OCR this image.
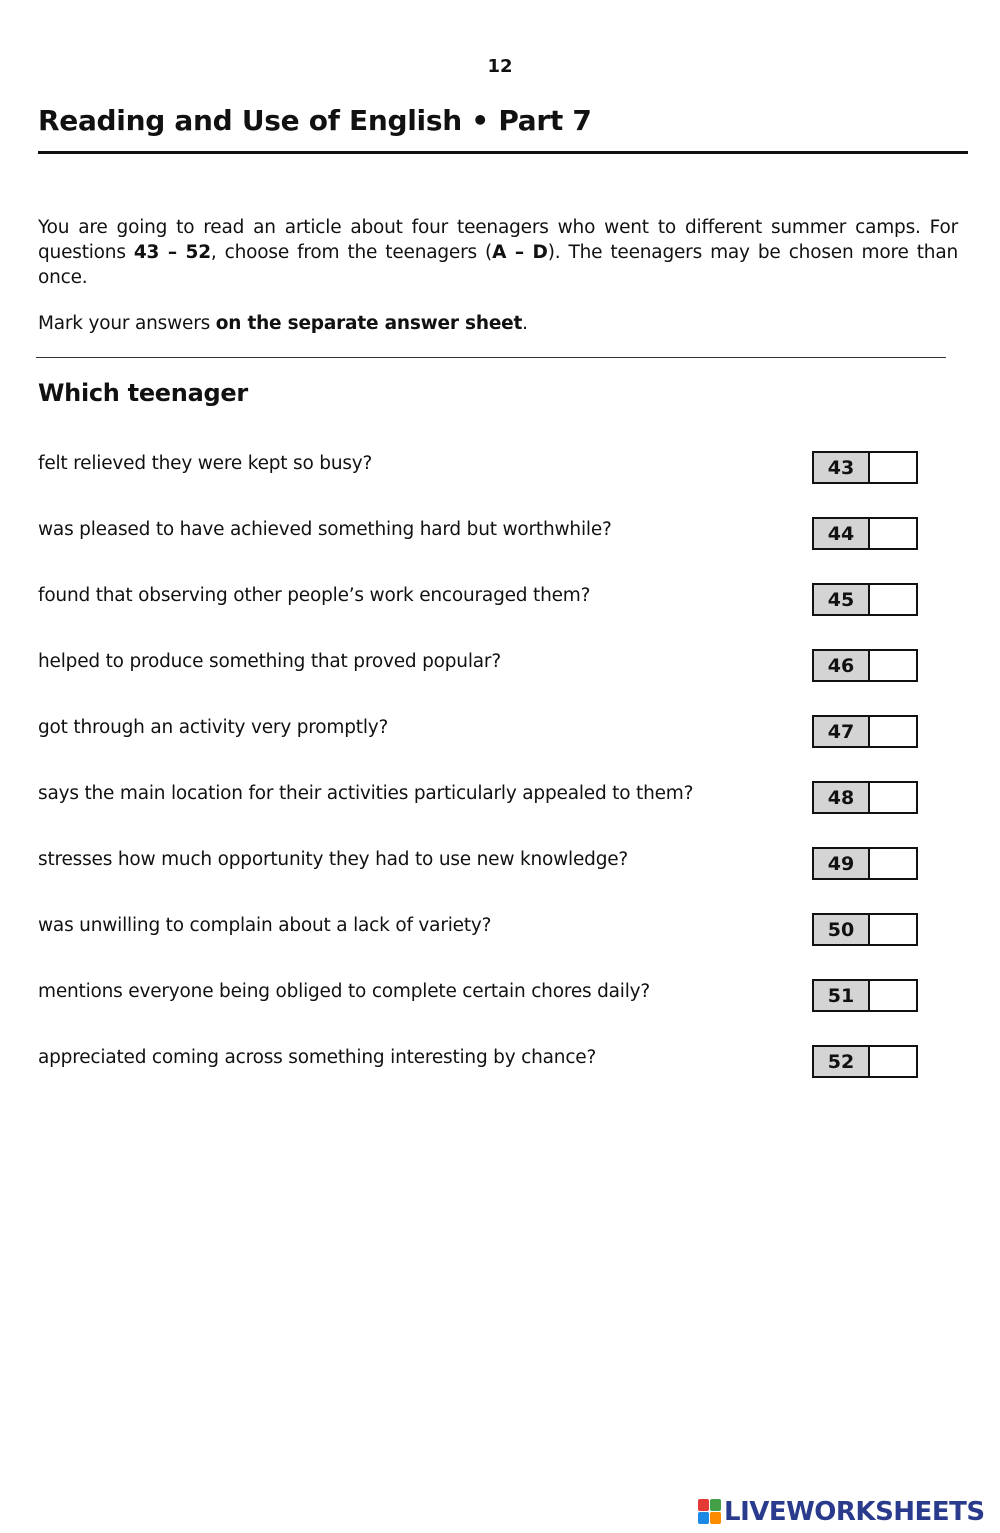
12
Reading and Use of English • Part 7
You are going to read an article about four teenagers who went to different summer camps. For questions 43 – 52, choose from the teenagers (A – D). The teenagers may be chosen more than once.
Mark your answers on the separate answer sheet.
Which teenager
felt relieved they were kept so busy?	43
was pleased to have achieved something hard but worthwhile?	44
found that observing other people’s work encouraged them?	45
helped to produce something that proved popular?	46
got through an activity very promptly?	47
says the main location for their activities particularly appealed to them?	48
stresses how much opportunity they had to use new knowledge?	49
was unwilling to complain about a lack of variety?	50
mentions everyone being obliged to complete certain chores daily?	51
appreciated coming across something interesting by chance?	52
LIVEWORKSHEETS
